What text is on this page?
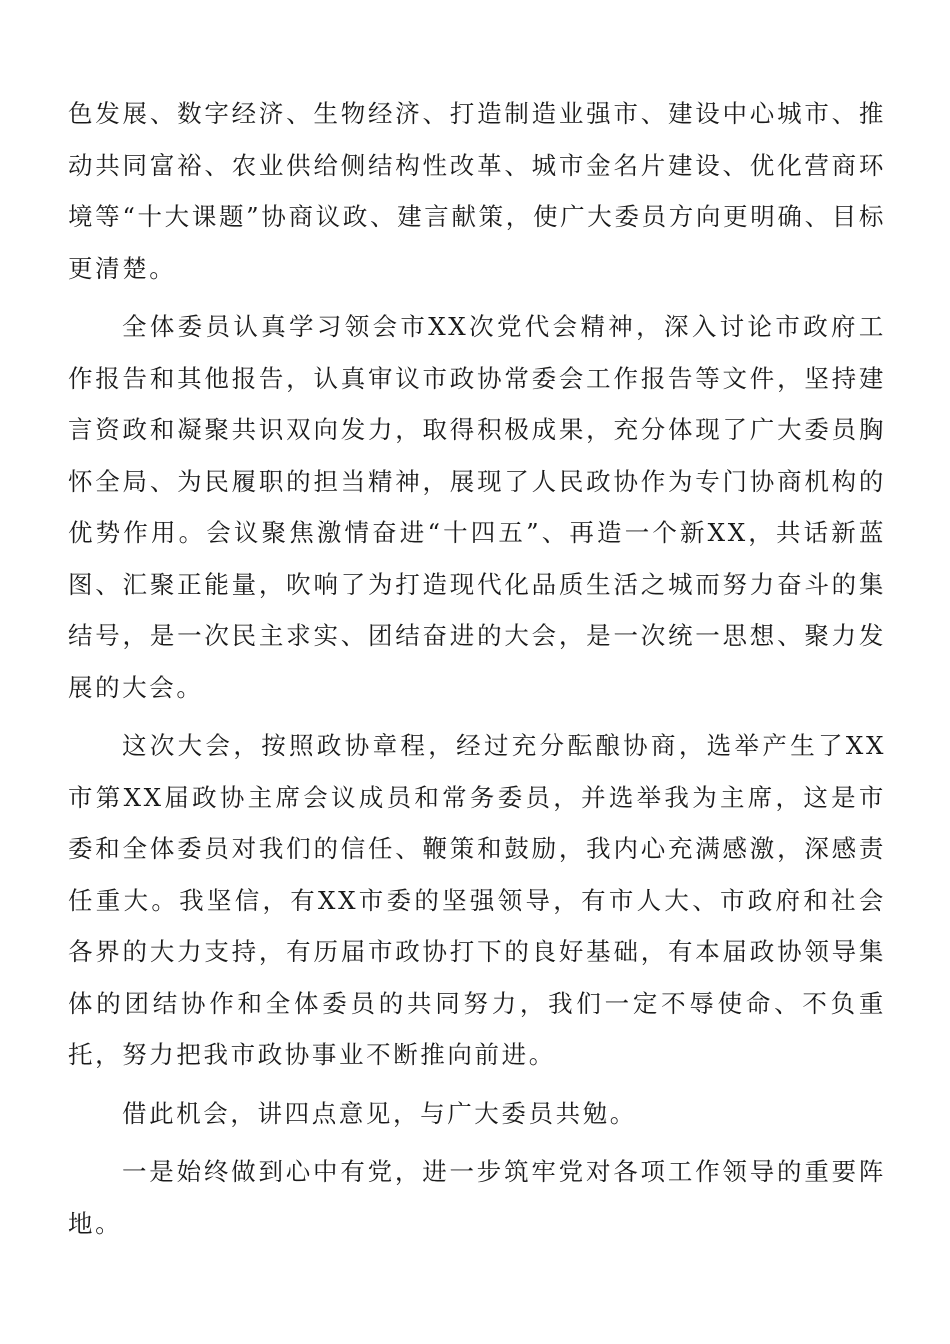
色发展、数字经济、生物经济、打造制造业强市、建设中心城市、推动共同富裕、农业供给侧结构性改革、城市金名片建设、优化营商环境等“十大课题”协商议政、建言献策，使广大委员方向更明确、目标更清楚。

全体委员认真学习领会市XX次党代会精神，深入讨论市政府工作报告和其他报告，认真审议市政协常委会工作报告等文件，坚持建言资政和凝聚共识双向发力，取得积极成果，充分体现了广大委员胸怀全局、为民履职的担当精神，展现了人民政协作为专门协商机构的优势作用。会议聚焦激情奋进“十四五”、再造一个新XX，共话新蓝图、汇聚正能量，吹响了为打造现代化品质生活之城而努力奋斗的集结号，是一次民主求实、团结奋进的大会，是一次统一思想、聚力发展的大会。

这次大会，按照政协章程，经过充分酝酿协商，选举产生了XX市第XX届政协主席会议成员和常务委员，并选举我为主席，这是市委和全体委员对我们的信任、鞭策和鼓励，我内心充满感激，深感责任重大。我坚信，有XX市委的坚强领导，有市人大、市政府和社会各界的大力支持，有历届市政协打下的良好基础，有本届政协领导集体的团结协作和全体委员的共同努力，我们一定不辱使命、不负重托，努力把我市政协事业不断推向前进。

借此机会，讲四点意见，与广大委员共勉。

一是始终做到心中有党，进一步筑牢党对各项工作领导的重要阵地。
